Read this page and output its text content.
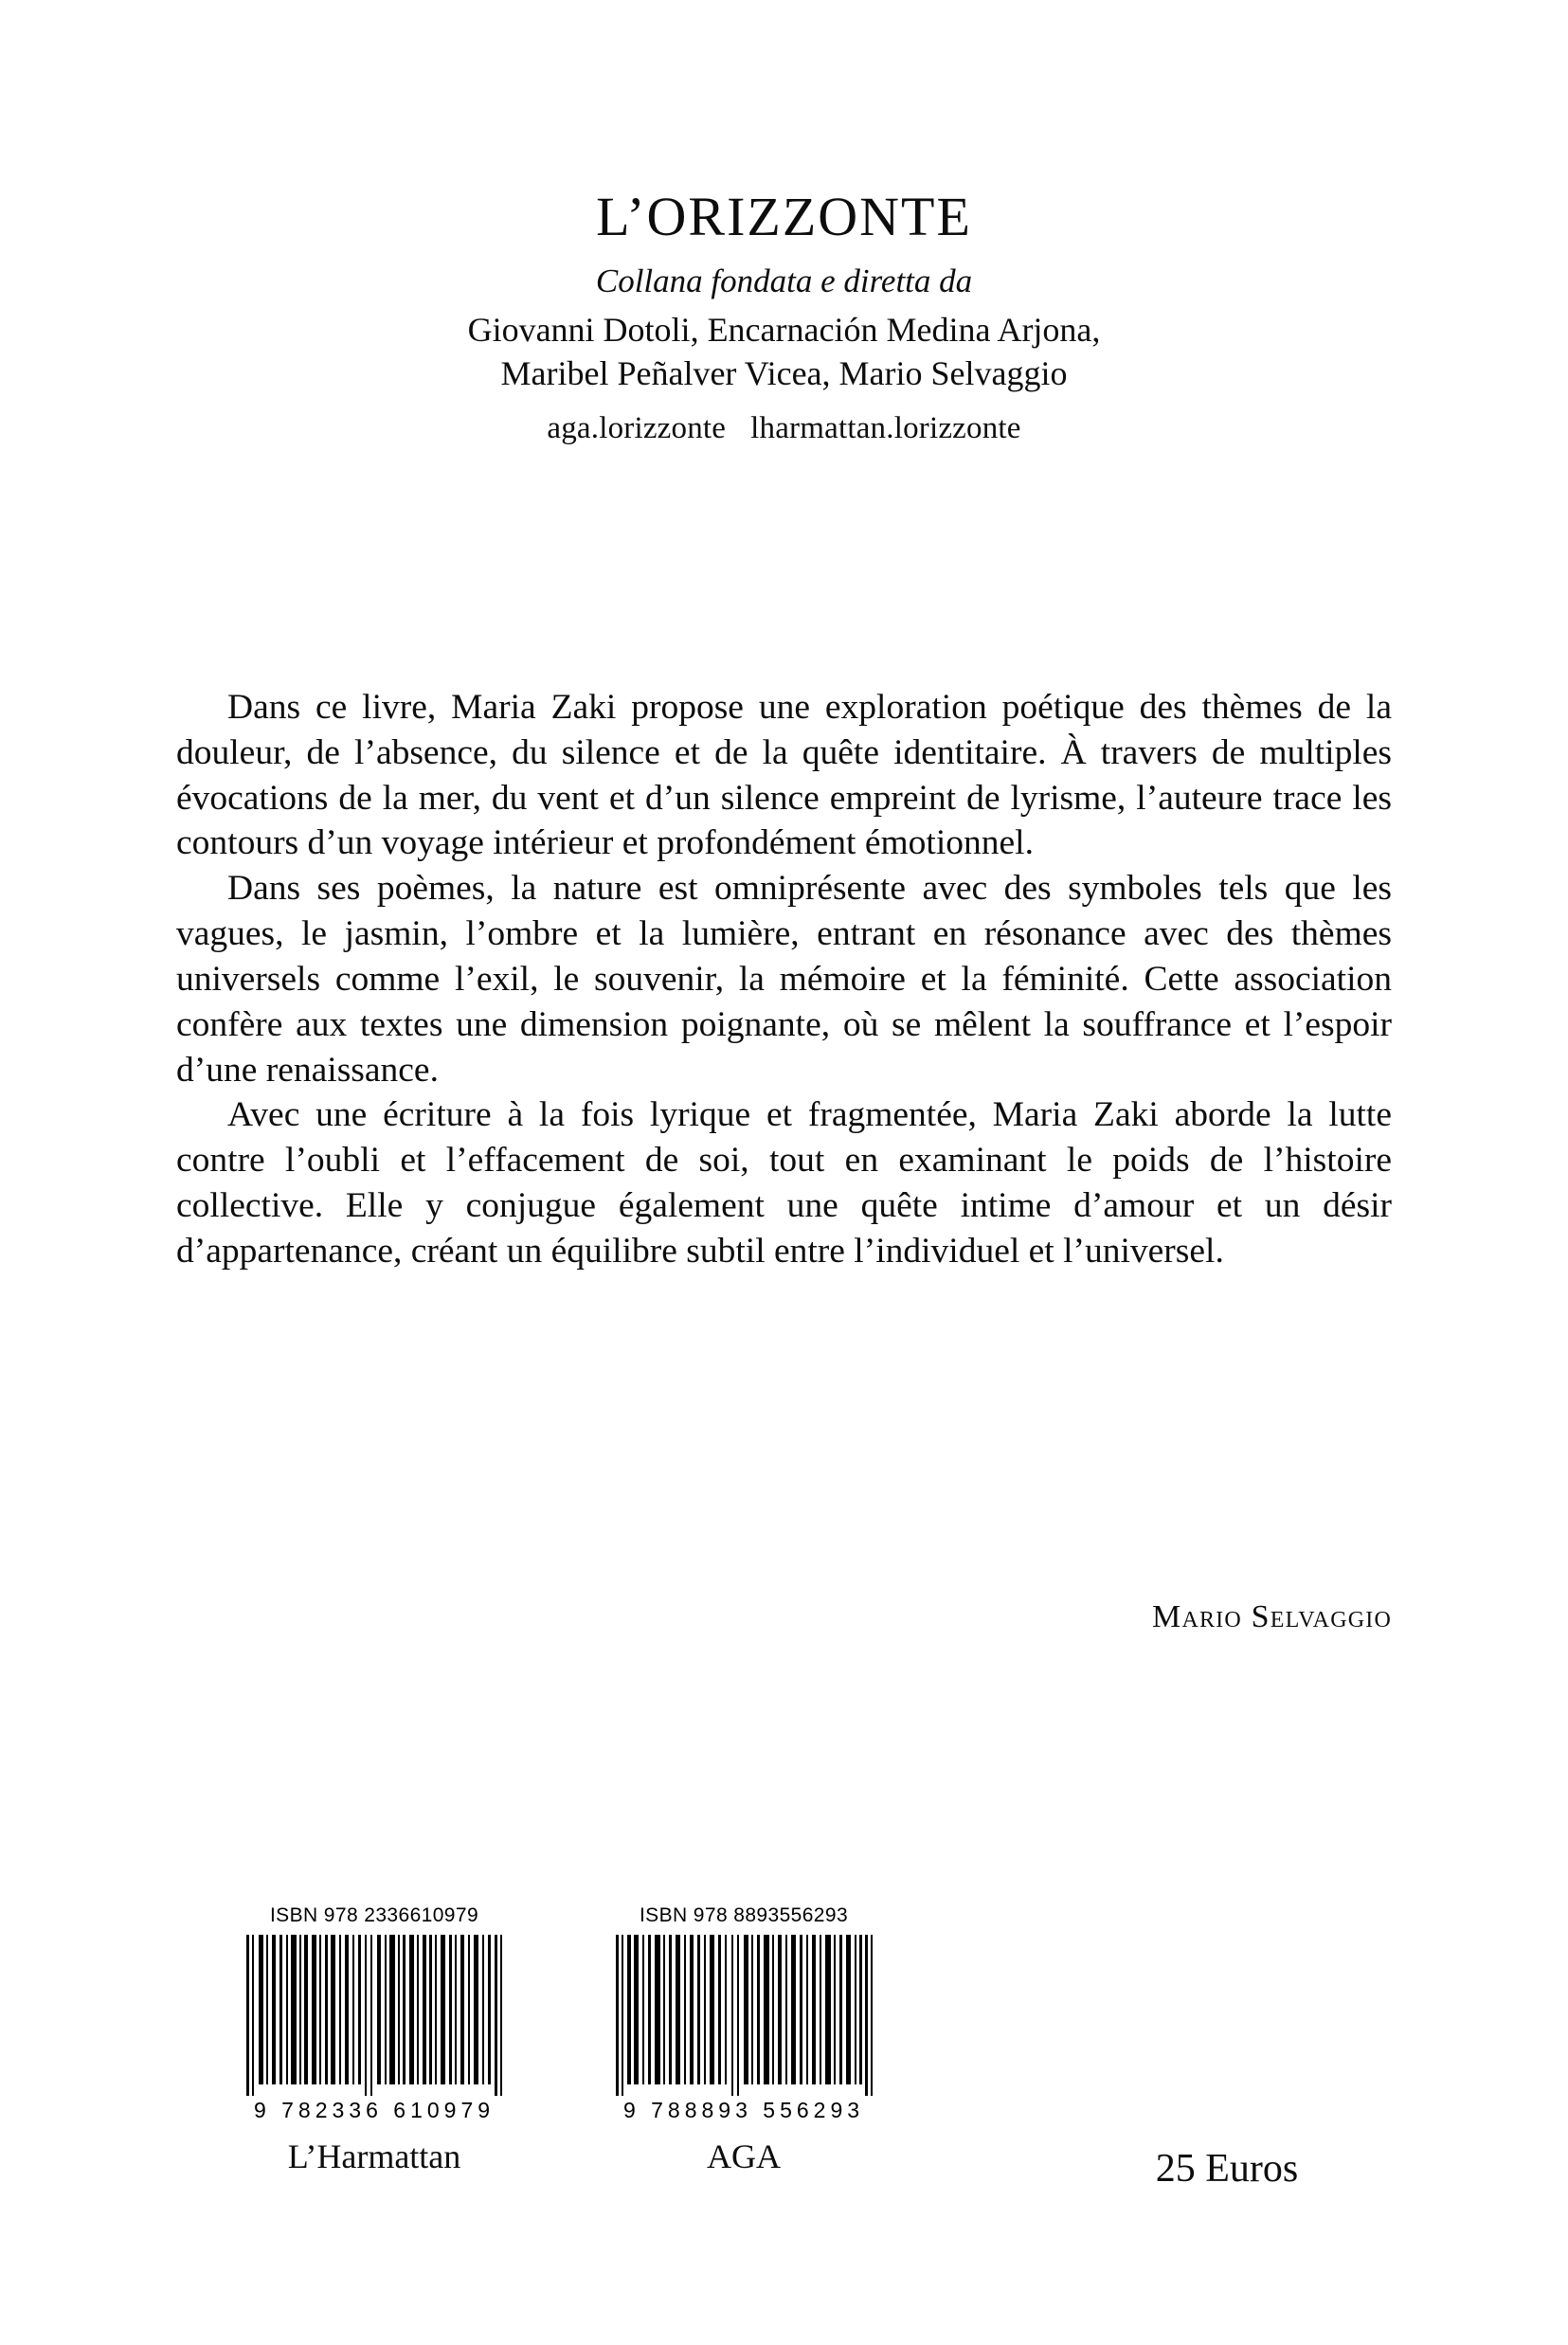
L’ORIZZONTE
Collana fondata e diretta da
Giovanni Dotoli, Encarnación Medina Arjona,
Maribel Peñalver Vicea, Mario Selvaggio
aga.lorizzonte lharmattan.lorizzonte

Dans ce livre, Maria Zaki propose une exploration poétique des thèmes de la douleur, de l’absence, du silence et de la quête identitaire. À travers de multiples évocations de la mer, du vent et d’un silence empreint de lyrisme, l’auteure trace les contours d’un voyage intérieur et profondément émotionnel.

Dans ses poèmes, la nature est omniprésente avec des symboles tels que les vagues, le jasmin, l’ombre et la lumière, entrant en résonance avec des thèmes universels comme l’exil, le souvenir, la mémoire et la féminité. Cette association confère aux textes une dimension poignante, où se mêlent la souffrance et l’espoir d’une renaissance.

Avec une écriture à la fois lyrique et fragmentée, Maria Zaki aborde la lutte contre l’oubli et l’effacement de soi, tout en examinant le poids de l’histoire collective. Elle y conjugue également une quête intime d’amour et un désir d’appartenance, créant un équilibre subtil entre l’individuel et l’universel.

Mario Selvaggio
ISBN 978 2336610979
9 782336 610979
L’Harmattan
ISBN 978 8893556293
9 788893 556293
AGA	25 Euros
